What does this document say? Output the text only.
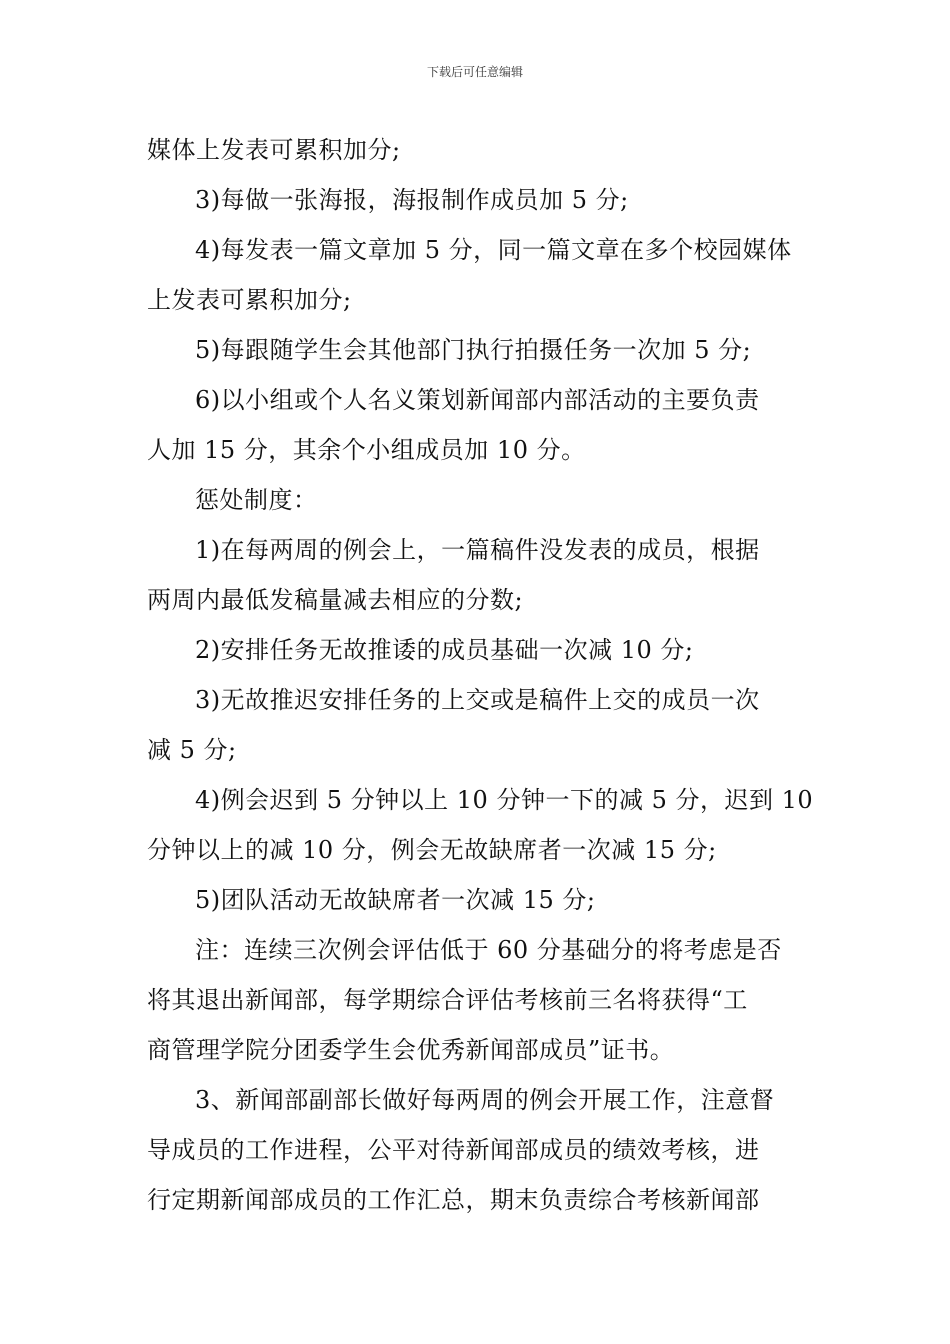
下载后可任意编辑
媒体上发表可累积加分;
3)每做一张海报，海报制作成员加 5 分;
4)每发表一篇文章加 5 分，同一篇文章在多个校园媒体
上发表可累积加分;
5)每跟随学生会其他部门执行拍摄任务一次加 5 分;
6)以小组或个人名义策划新闻部内部活动的主要负责
人加 15 分，其余个小组成员加 10 分。
惩处制度：
1)在每两周的例会上，一篇稿件没发表的成员，根据
两周内最低发稿量减去相应的分数;
2)安排任务无故推诿的成员基础一次减 10 分;
3)无故推迟安排任务的上交或是稿件上交的成员一次
减 5 分;
4)例会迟到 5 分钟以上 10 分钟一下的减 5 分，迟到 10
分钟以上的减 10 分，例会无故缺席者一次减 15 分;
5)团队活动无故缺席者一次减 15 分;
注：连续三次例会评估低于 60 分基础分的将考虑是否
将其退出新闻部，每学期综合评估考核前三名将获得“工
商管理学院分团委学生会优秀新闻部成员”证书。
3、新闻部副部长做好每两周的例会开展工作，注意督
导成员的工作进程，公平对待新闻部成员的绩效考核，进
行定期新闻部成员的工作汇总，期末负责综合考核新闻部
